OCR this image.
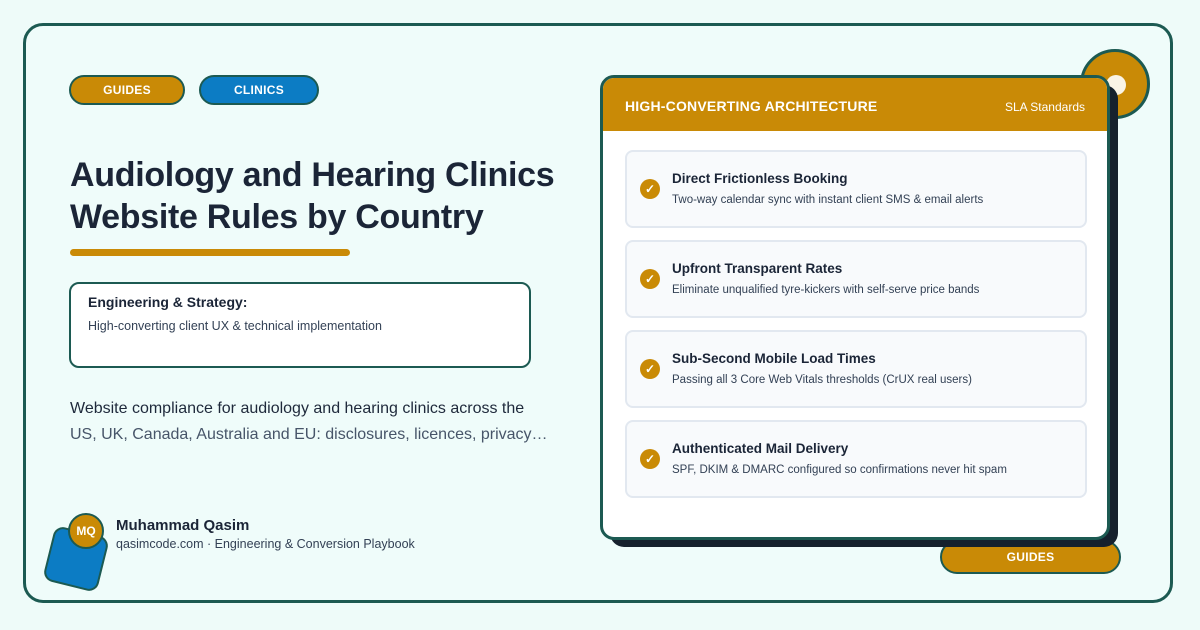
GUIDES	CLINICS
Audiology and Hearing Clinics
Website Rules by Country
Engineering & Strategy:
High-converting client UX & technical implementation
Website compliance for audiology and hearing clinics across the
US, UK, Canada, Australia and EU: disclosures, licences, privacy…
MQ	Muhammad Qasim
qasimcode.com · Engineering & Conversion Playbook
GUIDES
HIGH-CONVERTING ARCHITECTURE	SLA Standards
✓
Direct Frictionless Booking
Two-way calendar sync with instant client SMS & email alerts
✓
Upfront Transparent Rates
Eliminate unqualified tyre-kickers with self-serve price bands
✓
Sub-Second Mobile Load Times
Passing all 3 Core Web Vitals thresholds (CrUX real users)
✓
Authenticated Mail Delivery
SPF, DKIM & DMARC configured so confirmations never hit spam
